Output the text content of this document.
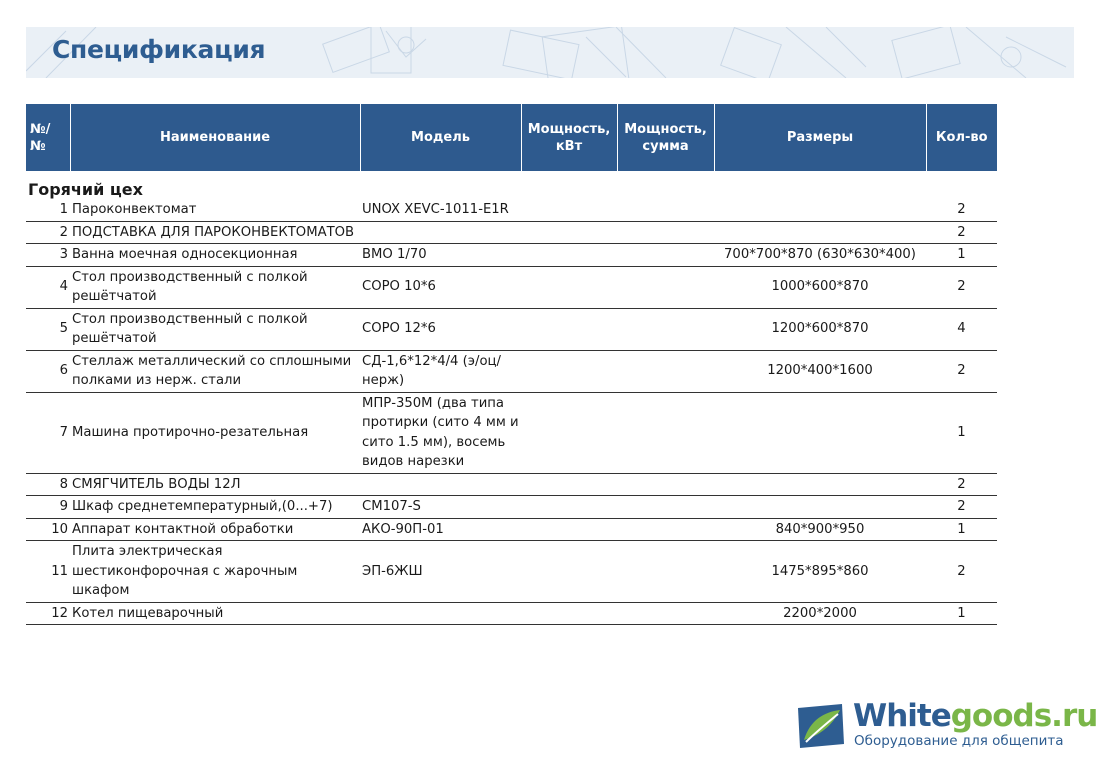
Спецификация
№/ №	Наименование	Модель	Мощность, кВт	Мощность, сумма	Размеры	Кол-во
Горячий цех						
1	Пароконвектомат	UNOX XEVC-1011-E1R				2
2	ПОДСТАВКА ДЛЯ ПАРОКОНВЕКТОМАТОВ					2
3	Ванна моечная односекционная	ВМО 1/70			700*700*870 (630*630*400)	1
4	Стол производственный с полкой решётчатой	СОРО 10*6			1000*600*870	2
5	Стол производственный с полкой решётчатой	СОРО 12*6			1200*600*870	4
6	Стеллаж металлический со сплошными полками из нерж. стали	СД-1,6*12*4/4 (э/оц/нерж)			1200*400*1600	2
7	Машина протирочно-резательная	МПР-350М (два типа протирки (сито 4 мм и сито 1.5 мм), восемь видов нарезки				1
8	СМЯГЧИТЕЛЬ ВОДЫ 12Л					2
9	Шкаф среднетемпературный,(0...+7)	СМ107-S				2
10	Аппарат контактной обработки	АКО-90П-01			840*900*950	1
11	Плита электрическая шестиконфорочная с жарочным шкафом	ЭП-6ЖШ			1475*895*860	2
12	Котел пищеварочный				2200*2000	1
Whitegoods.ru
Оборудование для общепита
